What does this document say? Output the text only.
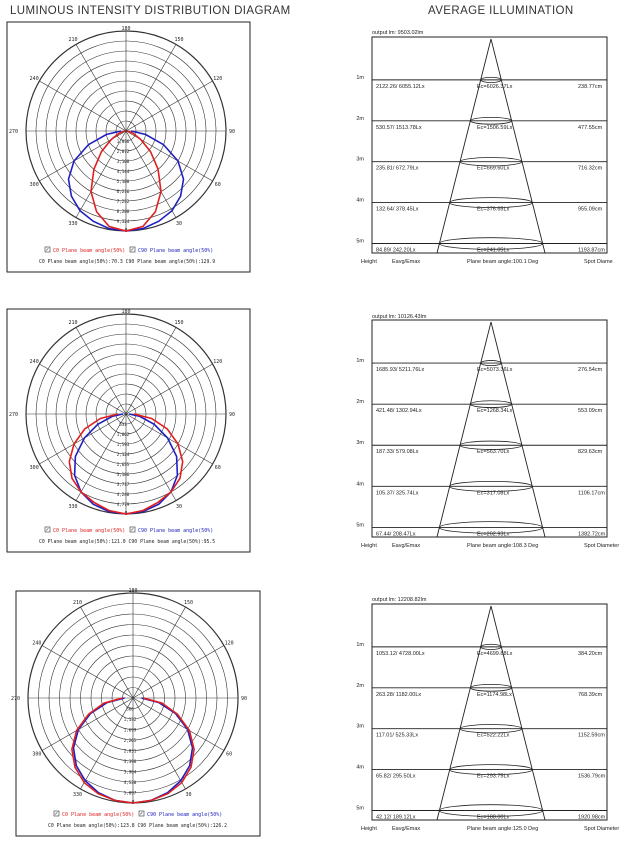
LUMINOUS INTENSITY DISTRIBUTION DIAGRAM	AVERAGE ILLUMINATION
180
210	150
240	120
270	90
300	60
330	30
0
1,036
2,072
3,108
4,144
5,180
6,216
7,252
8,288
9,324
✓ C0 Plane beam angle(50%) ✓ C90 Plane beam angle(50%)
C0 Plane beam angle(50%):70.3 C90 Plane beam angle(50%):129.9
180
210	150
240	120
270	90
300	60
330	30
0
531
1,062
1,593
2,124
2,655
3,186
3,717
4,248
4,779
✓ C0 Plane beam angle(50%) ✓ C90 Plane beam angle(50%)
C0 Plane beam angle(50%):121.0 C90 Plane beam angle(50%):95.5
180
210	150
240	120
270	90
300	60
330	30
0
566
1,132
1,699
2,265
2,831
3,398
3,964
4,530
5,097
✓ C0 Plane beam angle(50%) ✓ C90 Plane beam angle(50%)
C0 Plane beam angle(50%):123.8 C90 Plane beam angle(50%):126.2
output lm: 9503.02lm
1m
2122.26/ 6055.12Lx	Ec=6026.37Lx	238.77cm
2m
530.57/ 1513.78Lx	Ec=1506.59Lx	477.55cm
3m
235.81/ 672.79Lx	Ec=669.60Lx	716.32cm
4m
132.64/ 378.45Lx	Ec=376.65Lx	955.09cm
5m
84.89/ 242.20Lx	Ec=241.05Lx	1193.87cm
Height	Eavg/Emax	Plane beam angle:100.1 Deg	Spot Diame
output lm: 10126.43lm
1m
1685.93/ 5211.76Lx	Ec=5073.36Lx	276.54cm
2m
421.48/ 1302.94Lx	Ec=1268.34Lx	553.09cm
3m
187.33/ 579.08Lx	Ec=563.70Lx	829.63cm
4m
105.37/ 325.74Lx	Ec=317.08Lx	1106.17cm
5m
67.44/ 208.47Lx	Ec=202.93Lx	1382.72cm
Height	Eavg/Emax	Plane beam angle:108.3 Deg	Spot Diameter
output lm: 12208.82lm
1m
1053.12/ 4728.00Lx	Ec=4699.88Lx	384.20cm
2m
263.28/ 1182.00Lx	Ec=1174.98Lx	768.39cm
3m
117.01/ 525.33Lx	Ec=522.22Lx	1152.59cm
4m
65.82/ 295.50Lx	Ec=293.75Lx	1536.79cm
5m
42.12/ 189.12Lx	Ec=188.00Lx	1920.98cm
Height	Eavg/Emax	Plane beam angle:125.0 Deg	Spot Diameter
